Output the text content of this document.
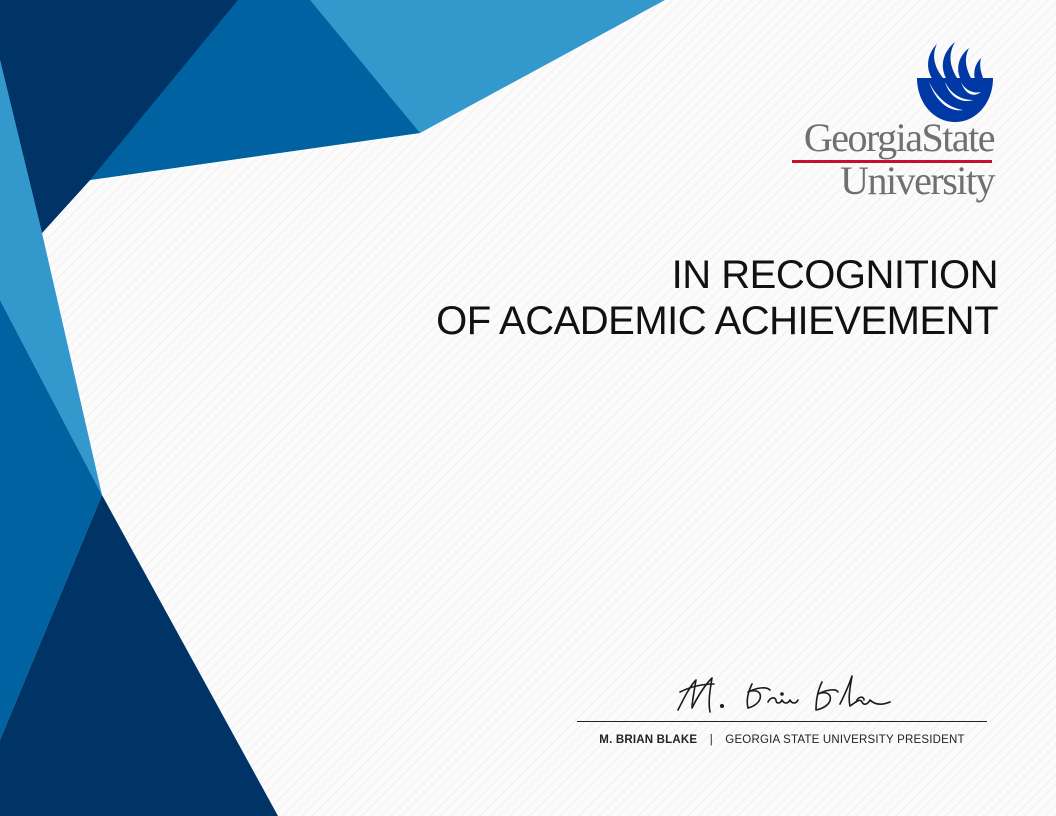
GeorgiaState
University
IN RECOGNITION
OF ACADEMIC ACHIEVEMENT
M. BRIAN BLAKE | GEORGIA STATE UNIVERSITY PRESIDENT
